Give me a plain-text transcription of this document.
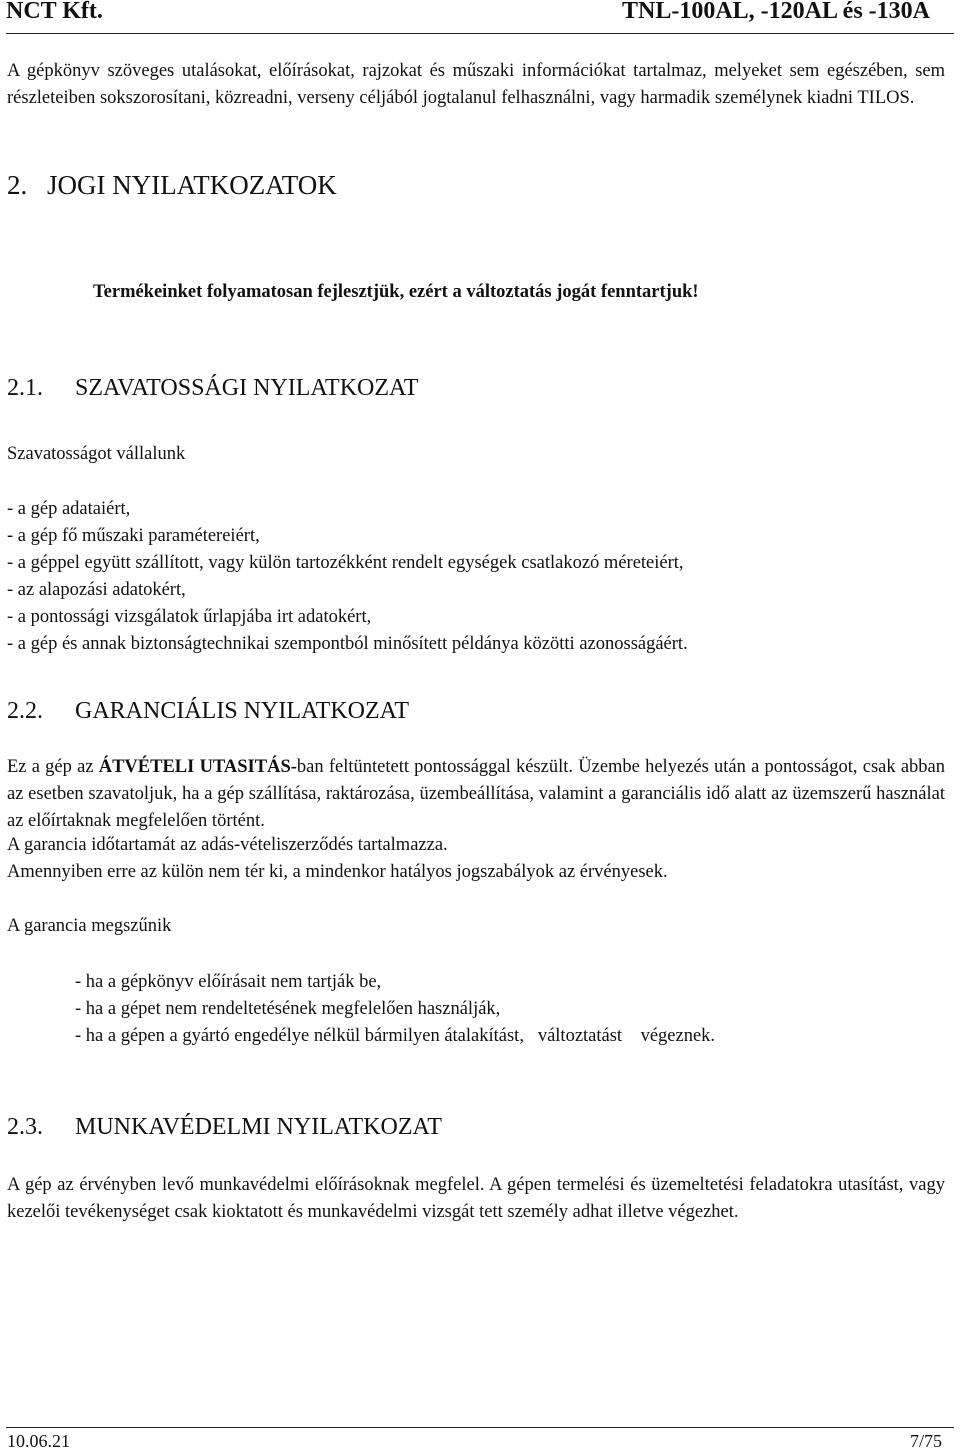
NCT Kft.	TNL-100AL, -120AL és -130A
A gépkönyv szöveges utalásokat, előírásokat, rajzokat és műszaki információkat tartalmaz, melyeket sem egészében, sem részleteiben sokszorosítani, közreadni, verseny céljából jogtalanul felhasználni, vagy harmadik személynek kiadni TILOS.
2. JOGI NYILATKOZATOK
Termékeinket folyamatosan fejlesztjük, ezért a változtatás jogát fenntartjuk!
2.1. SZAVATOSSÁGI NYILATKOZAT
Szavatosságot vállalunk
- a gép adataiért,
- a gép fő műszaki paramétereiért,
- a géppel együtt szállított, vagy külön tartozékként rendelt egységek csatlakozó méreteiért,
- az alapozási adatokért,
- a pontossági vizsgálatok űrlapjába irt adatokért,
- a gép és annak biztonságtechnikai szempontból minősített példánya közötti azonosságáért.
2.2. GARANCIÁLIS NYILATKOZAT
Ez a gép az ÁTVÉTELI UTASITÁS-ban feltüntetett pontossággal készült. Üzembe helyezés után a pontosságot, csak abban az esetben szavatoljuk, ha a gép szállítása, raktározása, üzembeállítása, valamint a garanciális idő alatt az üzemszerű használat az előírtaknak megfelelően történt.
A garancia időtartamát az adás-vételiszerződés tartalmazza.
Amennyiben erre az külön nem tér ki, a mindenkor hatályos jogszabályok az érvényesek.
A garancia megszűnik
- ha a gépkönyv előírásait nem tartják be,
- ha a gépet nem rendeltetésének megfelelően használják,
- ha a gépen a gyártó engedélye nélkül bármilyen átalakítást,   változtatást    végeznek.
2.3. MUNKAVÉDELMI NYILATKOZAT
A gép az érvényben levő munkavédelmi előírásoknak megfelel. A gépen termelési és üzemeltetési feladatokra utasítást, vagy kezelői tevékenységet csak kioktatott és munkavédelmi vizsgát tett személy adhat illetve végezhet.
10.06.21	7/75
